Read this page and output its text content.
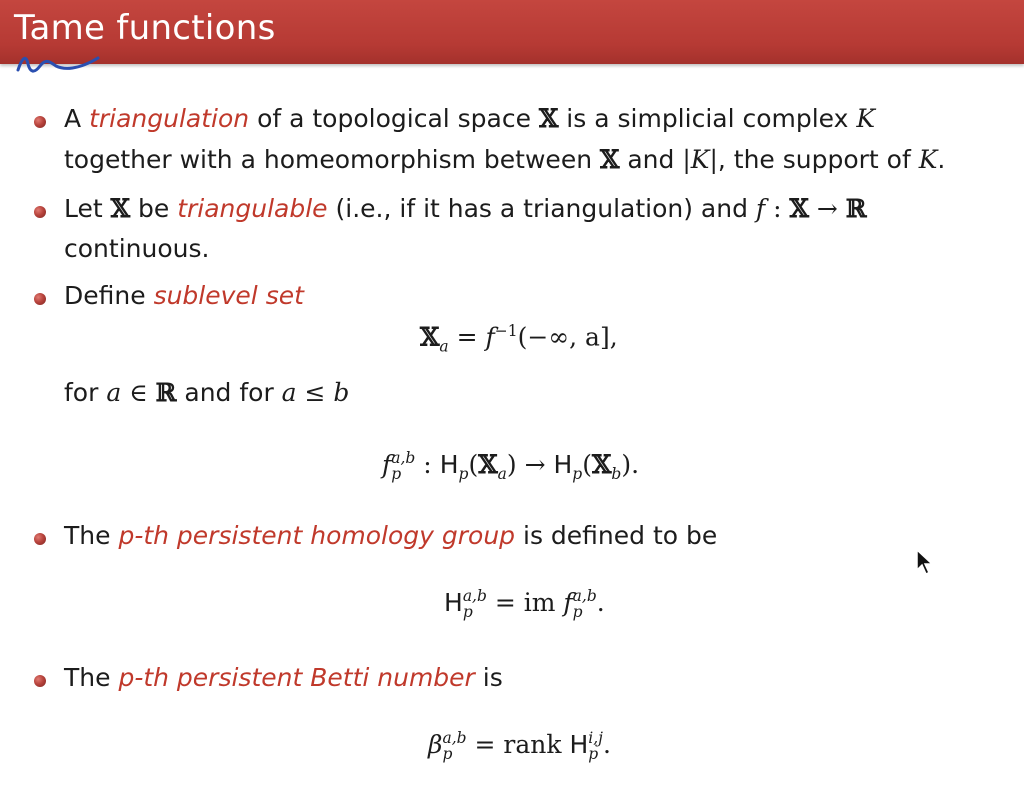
Tame functions
A triangulation of a topological space 𝕏 is a simplicial complex K
together with a homeomorphism between 𝕏 and |K|, the support of K.
Let 𝕏 be triangulable (i.e., if it has a triangulation) and f : 𝕏 → ℝ
continuous.
Define sublevel set
𝕏$_a$ = $f^{-1}(-\infty$, a],
for a ∈ ℝ and for a ≤ b
f a,b
p : $H_p(𝕏_a)$ → $H_p(𝕏_b)$.
The p-th persistent homology group is defined to be
H a,b
p = im f a,b
p .
The p-th persistent Betti number is
β a,b
p = rank H i,j
p .
